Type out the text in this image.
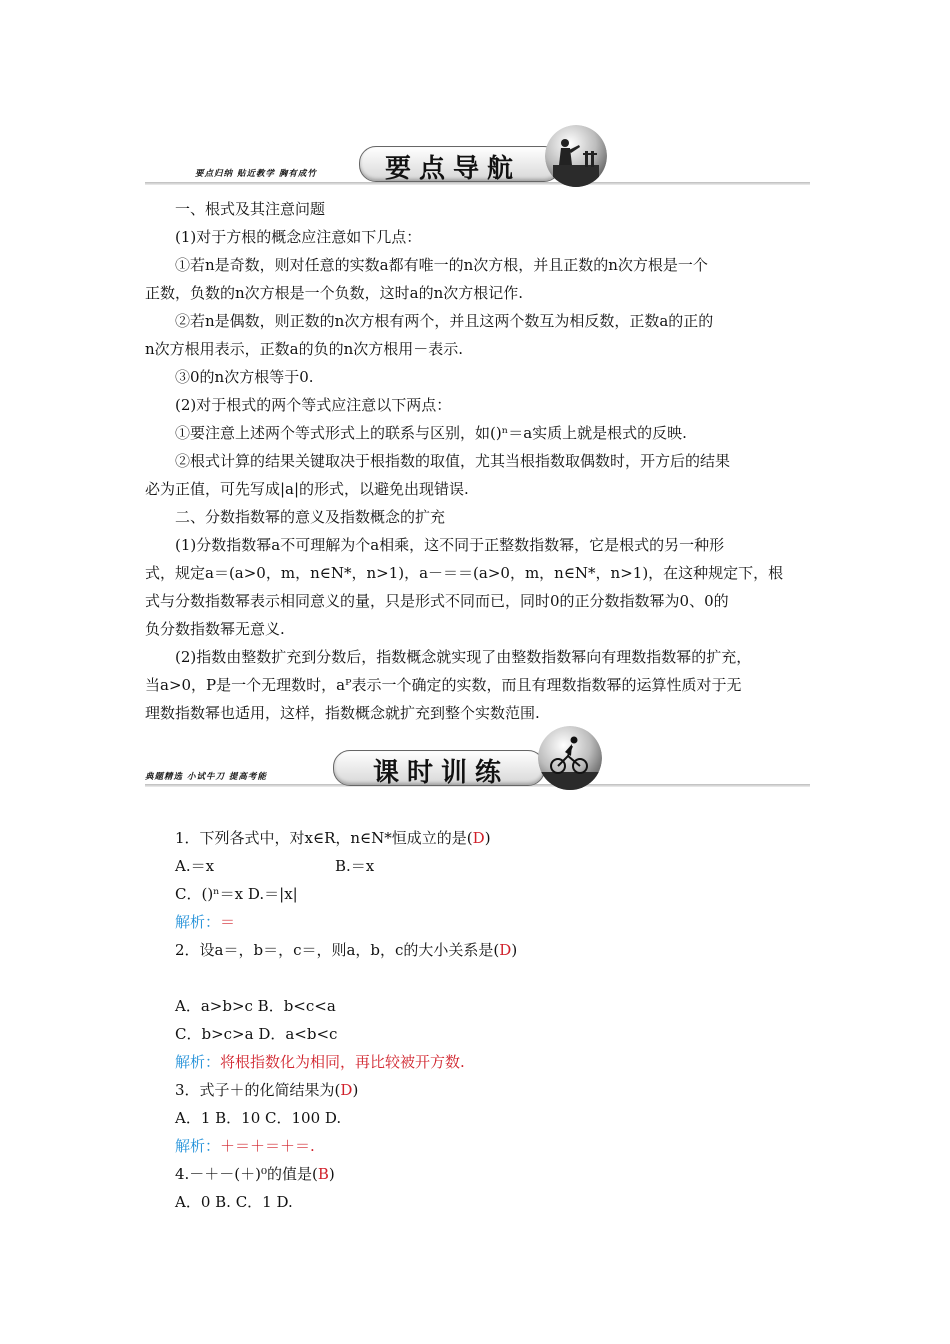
要点归纳 贴近教学 胸有成竹	要点导航
一、根式及其注意问题
(1)对于方根的概念应注意如下几点：
①若n是奇数，则对任意的实数a都有唯一的n次方根，并且正数的n次方根是一个
正数，负数的n次方根是一个负数，这时a的n次方根记作.
②若n是偶数，则正数的n次方根有两个，并且这两个数互为相反数，正数a的正的
n次方根用表示，正数a的负的n次方根用－表示.
③0的n次方根等于0.
(2)对于根式的两个等式应注意以下两点：
①要注意上述两个等式形式上的联系与区别，如()ⁿ＝a实质上就是根式的反映.
②根式计算的结果关键取决于根指数的取值，尤其当根指数取偶数时，开方后的结果
必为正值，可先写成|a|的形式，以避免出现错误.
二、分数指数幂的意义及指数概念的扩充
(1)分数指数幂a不可理解为个a相乘，这不同于正整数指数幂，它是根式的另一种形
式，规定a＝(a>0，m，n∈N*，n>1)，a－＝＝(a>0，m，n∈N*，n>1)，在这种规定下，根
式与分数指数幂表示相同意义的量，只是形式不同而已，同时0的正分数指数幂为0、0的
负分数指数幂无意义.
(2)指数由整数扩充到分数后，指数概念就实现了由整数指数幂向有理数指数幂的扩充，
当a>0，P是一个无理数时，aᴾ表示一个确定的实数，而且有理数指数幂的运算性质对于无
理数指数幂也适用，这样，指数概念就扩充到整个实数范围.
典题精选 小试牛刀 提高考能	课时训练
1．下列各式中，对x∈R，n∈N*恒成立的是(D)
A.＝x	B.＝x
C．()ⁿ＝x D.＝|x|
解析：＝
2．设a＝，b＝，c＝，则a，b，c的大小关系是(D)
A．a>b>c B．b<c<a
C．b>c>a D．a<b<c
解析：将根指数化为相同，再比较被开方数.
3．式子＋的化简结果为(D)
A．1 B．10 C．100 D.
解析：＋＝＋＝＋＝.
4.－＋－(＋)⁰的值是(B)
A．0 B. C．1 D.
